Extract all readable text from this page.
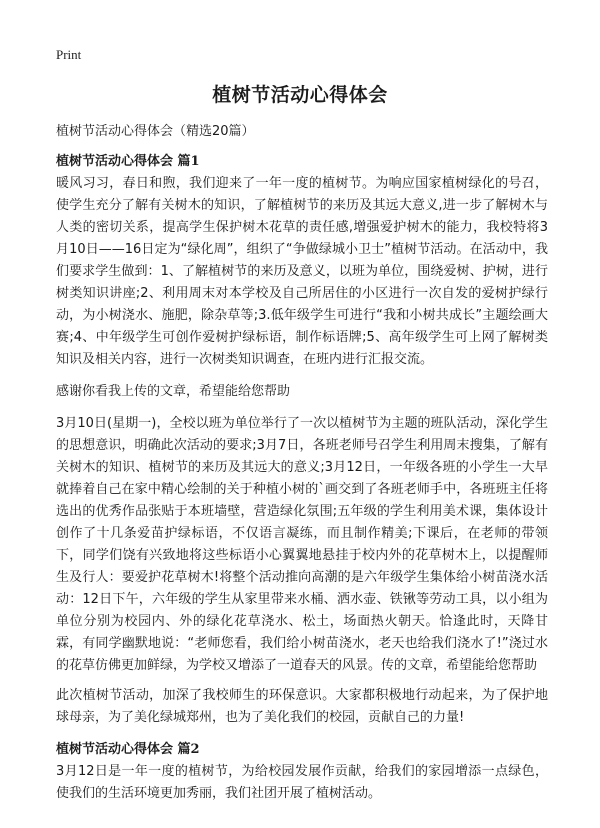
Print
植树节活动心得体会

植树节活动心得体会（精选20篇）

植树节活动心得体会 篇1

暖风习习，春日和煦，我们迎来了一年一度的植树节。为响应国家植树绿化的号召，使学生充分了解有关树木的知识，了解植树节的来历及其远大意义,进一步了解树木与人类的密切关系，提高学生保护树木花草的责任感,增强爱护树木的能力，我校特将3月10日——16日定为“绿化周”，组织了“争做绿城小卫士”植树节活动。在活动中，我们要求学生做到：1、了解植树节的来历及意义，以班为单位，围绕爱树、护树，进行树类知识讲座;2、利用周末对本学校及自己所居住的小区进行一次自发的爱树护绿行动，为小树浇水、施肥，除杂草等;3.低年级学生可进行“我和小树共成长”主题绘画大赛;4、中年级学生可创作爱树护绿标语，制作标语牌;5、高年级学生可上网了解树类知识及相关内容，进行一次树类知识调查，在班内进行汇报交流。

感谢你看我上传的文章，希望能给您帮助

3月10日(星期一)，全校以班为单位举行了一次以植树节为主题的班队活动，深化学生的思想意识，明确此次活动的要求;3月7日，各班老师号召学生利用周末搜集，了解有关树木的知识、植树节的来历及其远大的意义;3月12日，一年级各班的小学生一大早就捧着自己在家中精心绘制的关于种植小树的`画交到了各班老师手中，各班班主任将选出的优秀作品张贴于本班墙壁，营造绿化氛围;五年级的学生利用美术课，集体设计创作了十几条爱苗护绿标语，不仅语言凝练，而且制作精美;下课后，在老师的带领下，同学们饶有兴致地将这些标语小心翼翼地悬挂于校内外的花草树木上，以提醒师生及行人：要爱护花草树木!将整个活动推向高潮的是六年级学生集体给小树苗浇水活动：12日下午，六年级的学生从家里带来水桶、洒水壶、铁锹等劳动工具，以小组为单位分别为校园内、外的绿化花草浇水、松土，场面热火朝天。恰逢此时，天降甘霖，有同学幽默地说：“老师您看，我们给小树苗浇水，老天也给我们浇水了!”浇过水的花草仿佛更加鲜绿，为学校又增添了一道春天的风景。传的文章，希望能给您帮助

此次植树节活动，加深了我校师生的环保意识。大家都积极地行动起来，为了保护地球母亲，为了美化绿城郑州，也为了美化我们的校园，贡献自己的力量!

植树节活动心得体会 篇2

3月12日是一年一度的植树节，为给校园发展作贡献，给我们的家园增添一点绿色，使我们的生活环境更加秀丽，我们社团开展了植树活动。
